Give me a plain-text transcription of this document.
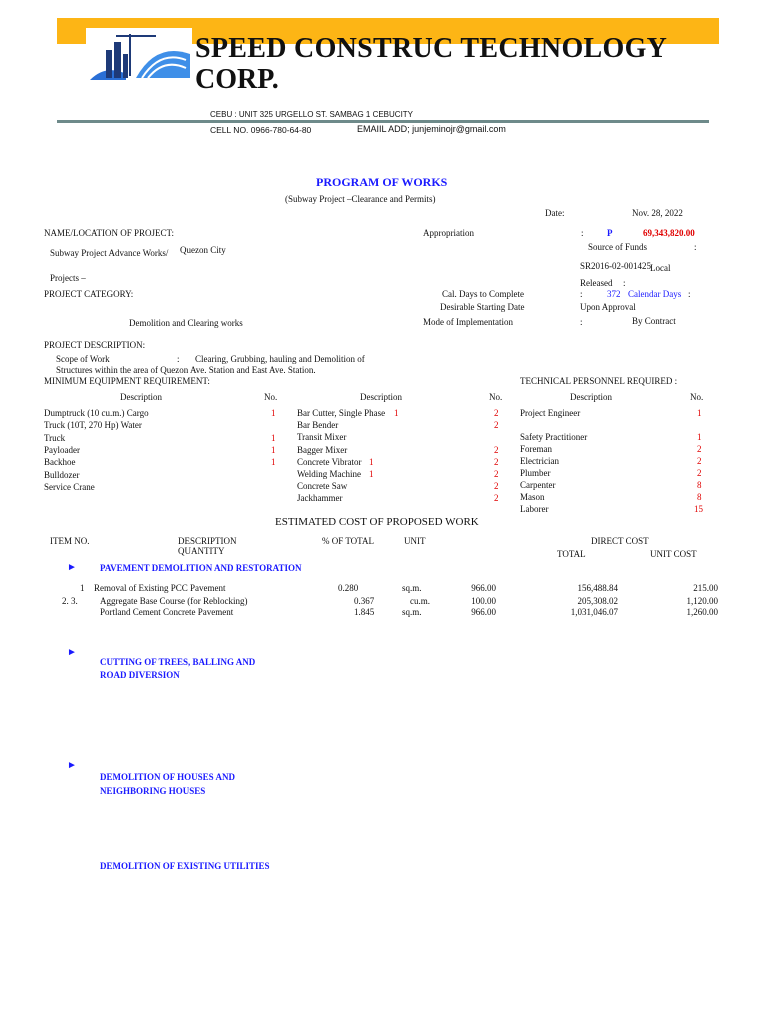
SPEED CONSTRUC TECHNOLOGY
CORP.
CEBU : UNIT 325 URGELLO ST. SAMBAG 1 CEBUCITY
CELL NO. 0966-780-64-80	EMAIIL ADD; junjeminojr@gmail.com
PROGRAM OF WORKS
(Subway Project –Clearance and Permits)
Date:	Nov. 28, 2022
NAME/LOCATION OF PROJECT:
Subway Project Advance Works/ Quezon City
Projects –
PROJECT CATEGORY:
Demolition and Clearing works
PROJECT DESCRIPTION:
Scope of Work	: Clearing, Grubbing, hauling and Demolition of
Structures within the area of Quezon Ave. Station and East Ave. Station.
Appropriation	:	P	69,343,820.00
Source of Funds	:
SR2016-02-001425
Local
Released :
Cal. Days to Complete	:	372 Calendar Days :
Desirable Starting Date	Upon Approval
Mode of Implementation	:	By Contract
MINIMUM EQUIPMENT REQUIREMENT:
Description	No.	Description	No.
Dumptruck (10 cu.m.) Cargo	1
Truck (10T, 270 Hp) Water
Truck	1
Payloader	1
Backhoe	1
Bulldozer
Service Crane
Bar Cutter, Single Phase 1	2
Bar Bender	2
Transit Mixer
Bagger Mixer	2
Concrete Vibrator 1	2
Welding Machine 1	2
Concrete Saw	2
Jackhammer	2
TECHNICAL PERSONNEL REQUIRED :
Description	No.
Project Engineer	1
Safety Practitioner	1
Foreman	2
Electrician	2
Plumber	2
Carpenter	8
Mason	8
Laborer	15
ESTIMATED COST OF PROPOSED WORK
ITEM NO.	DESCRIPTION
QUANTITY
% OF TOTAL	UNIT	DIRECT COST
TOTAL	UNIT COST
►	PAVEMENT DEMOLITION AND RESTORATION
1 Removal of Existing PCC Pavement	0.280	sq.m.	966.00	156,488.84	215.00
2. 3. Aggregate Base Course (for Reblocking)	0.367	cu.m.	100.00	205,308.02	1,120.00
Portland Cement Concrete Pavement	1.845	sq.m.	966.00	1,031,046.07	1,260.00
►
CUTTING OF TREES, BALLING AND
ROAD DIVERSION
►
DEMOLITION OF HOUSES AND
NEIGHBORING HOUSES
DEMOLITION OF EXISTING UTILITIES
